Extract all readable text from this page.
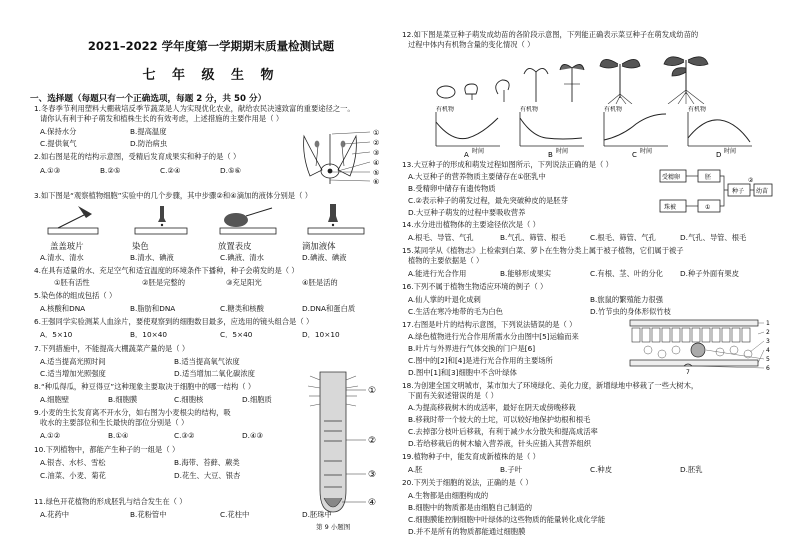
2021–2022 学年度第一学期期末质量检测试题
七 年 级 生 物
一、选择题（每题只有一个正确选项，每题 2 分，共 50 分）
1.冬春季节利用塑料大棚栽培反季节蔬菜是人为实现优化农业，献给农民决速致富的重要途径之一。
请你认有利于种子萌发和植株生长的有效考虑，上述措施的主要作用是（ ）
A.保持水分	B.提高温度
C.提供氧气	D.防治病虫
2.如右图是花的结构示意图，受精后发育成果实和种子的是（ ）
A.①③	B.②⑤	C.②④	D.⑤⑥
①
②
③
④
⑤
⑥
3.如下图是“观察植物细胞”实验中的几个步骤，其中步骤②和④滴加的液体分别是（ ）
盖盖玻片	染色	放置表皮	滴加液体
A.清水、清水	B.清水、碘液	C.碘液、清水	D.碘液、碘液
4.在具有适量的水、充足空气和适宜温度的环境条件下播种，种子会萌发的是（ ）
①胚有活性	②胚是完整的	③充足阳光	④胚是活的
5.染色体的组成包括（ ）
A.核酸和DNA	B.脂肪和DNA	C.糖类和核酸	D.DNA和蛋白质
6.王强同学实验测某人血涂片，要使观察到的细胞数目最多，应选用的镜头组合是（ ）
A．5×10	B．10×40	C．5×40	D．10×10
7.下列措施中，不能提高大棚蔬菜产量的是（ ）
A.适当提高光照时间	B.适当提高氧气浓度
C.适当增加光照强度	D.适当增加二氧化碳浓度
8.“种瓜得瓜，种豆得豆”这种现象主要取决于细胞中的哪一结构（ ）
A.细胞壁	B.细胞膜	C.细胞核	D.细胞质
9.小麦的生长发育离不开水分，如右图为小麦根尖的结构，吸
收水的主要部位和生长最快的部位分别是（ ）
A.①②	B.①④	C.③②	D.④③
①
②
③
④
第 9 小题图
10.下列植物中，都能产生种子的一组是（ ）
A.银杏、水杉、雪松	B.海带、苔藓、蕨类
C.油菜、小麦、菊花	D.花生、大豆、银杏
11.绿色开花植物的形成胚乳与结合发生在（ ）
A.花药中	B.花粉管中	C.花柱中	D.胚珠中
12.如下图是菜豆种子萌发成幼苗的各阶段示意图，下列能正确表示菜豆种子在萌发成幼苗的
过程中体内有机物含量的变化情况（ ）
有机物
时间
A
有机物
时间
B
有机物
时间
C
有机物
时间
D
13.大豆种子的形成和萌发过程如图所示，下列说法正确的是（ ）
A.大豆种子的营养物质主要储存在①胚乳中
B.受精卵中储存有遗传物质
C.②表示种子的萌发过程，最先突破种皮的是胚芽
D.大豆种子萌发的过程中要吸收营养
受精卵	胚
种子 幼苗
珠被	①
②
14.水分进出植物体的主要途径依次是（ ）
A.根毛、导管、气孔	B.气孔、筛管、根毛	C.根毛、筛管、气孔	D.气孔、导管、根毛
15.某同学从《植物志》上检索到白菜、萝卜在生物分类上属于被子植物，它们属于被子
植物的主要依据是（ ）
A.能进行光合作用	B.能够形成果实	C.有根、茎、叶的分化 D.种子外面有果皮
16.下列不属于植物生物适应环境的例子（ ）
A.仙人掌的叶退化成刺	B.旅鼠的繁殖能力很强
C.生活在寒冷地带的毛为白色	D.竹节虫的身体形似竹枝
17.右图是叶片的结构示意图，下列说法错误的是（ ）
A.绿色植物进行光合作用所需水分由图中[5]运输而来
B.叶片与外界进行气体交换的门户是[6]
C.图中的[2]和[4]是进行光合作用的主要场所
D.图中[1]和[3]细胞中不含叶绿体
1
2
3
4
5
6
7
18.为创建全国文明城市，某市加大了环境绿化、美化力度，新增绿地中移栽了一些大树木，
下面有关叙述错误的是（ ）
A.为提高移栽树木的成活率，最好在阴天或傍晚移栽
B.移栽时带一个较大的土坨，可以较好地保护幼根和根毛
C.去掉部分枝叶后移栽，有利于减少水分散失和提高成活率
D.若给移栽后的树木输入营养液，针头应插入其营养组织
19.植物种子中，能发育成新植株的是（ ）
A.胚	B.子叶	C.种皮	D.胚乳
20.下列关于细胞的说法，正确的是（ ）
A.生物都是由细胞构成的
B.细胞中的物质都是由细胞自己制造的
C.细胞膜能控制细胞中叶绿体的这些物质的能量转化成化学能
D.并不是所有的物质都能通过细胞膜
